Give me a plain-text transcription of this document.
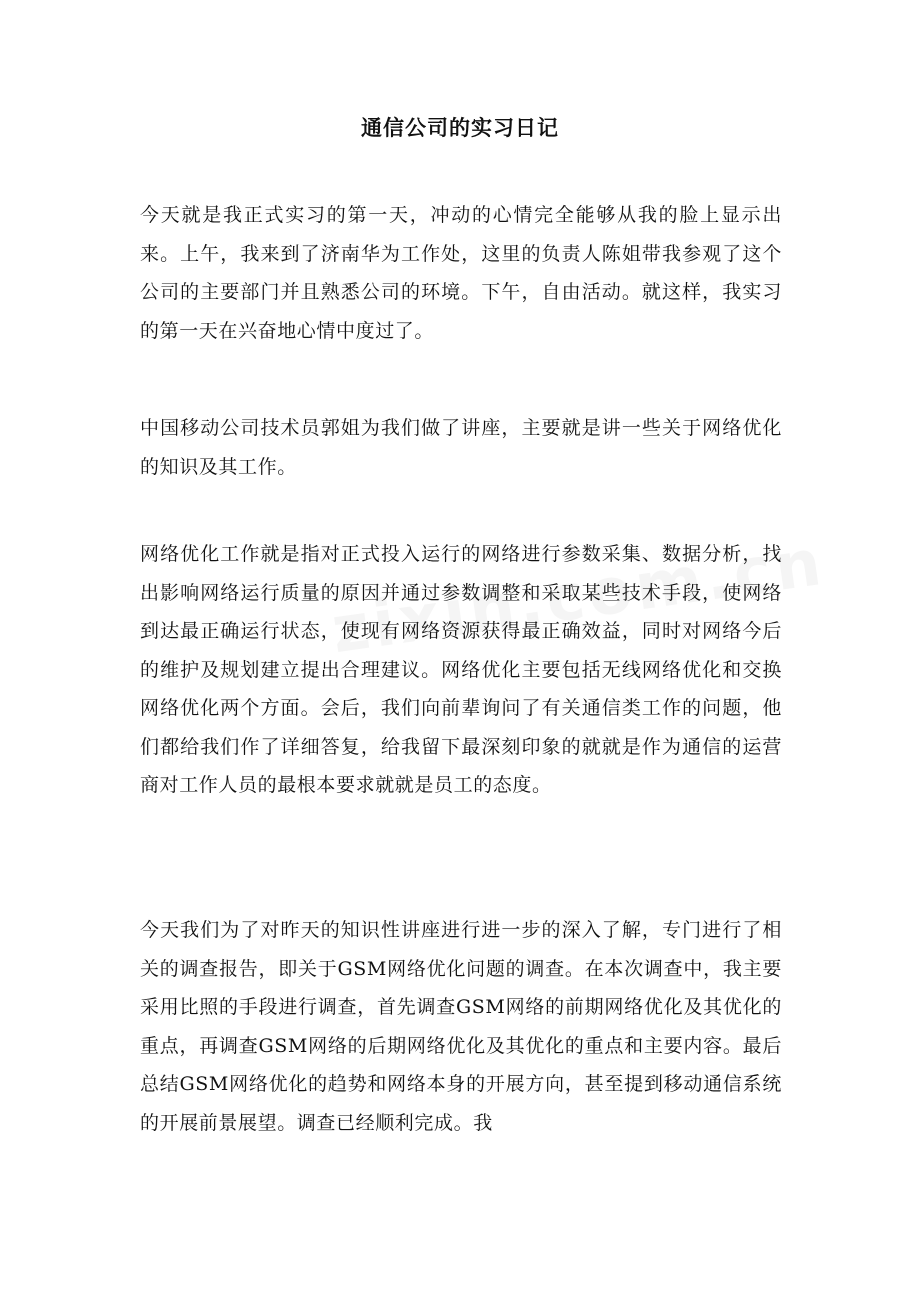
通信公司的实习日记

今天就是我正式实习的第一天，冲动的心情完全能够从我的脸上显示出来。上午，我来到了济南华为工作处，这里的负责人陈姐带我参观了这个公司的主要部门并且熟悉公司的环境。下午，自由活动。就这样，我实习的第一天在兴奋地心情中度过了。

中国移动公司技术员郭姐为我们做了讲座，主要就是讲一些关于网络优化的知识及其工作。

网络优化工作就是指对正式投入运行的网络进行参数采集、数据分析，找出影响网络运行质量的原因并通过参数调整和采取某些技术手段，使网络到达最正确运行状态，使现有网络资源获得最正确效益，同时对网络今后的维护及规划建立提出合理建议。网络优化主要包括无线网络优化和交换网络优化两个方面。会后，我们向前辈询问了有关通信类工作的问题，他们都给我们作了详细答复，给我留下最深刻印象的就就是作为通信的运营商对工作人员的最根本要求就就是员工的态度。

今天我们为了对昨天的知识性讲座进行进一步的深入了解，专门进行了相关的调查报告，即关于GSM网络优化问题的调查。在本次调查中，我主要采用比照的手段进行调查，首先调查GSM网络的前期网络优化及其优化的重点，再调查GSM网络的后期网络优化及其优化的重点和主要内容。最后总结GSM网络优化的趋势和网络本身的开展方向，甚至提到移动通信系统的开展前景展望。调查已经顺利完成。我
